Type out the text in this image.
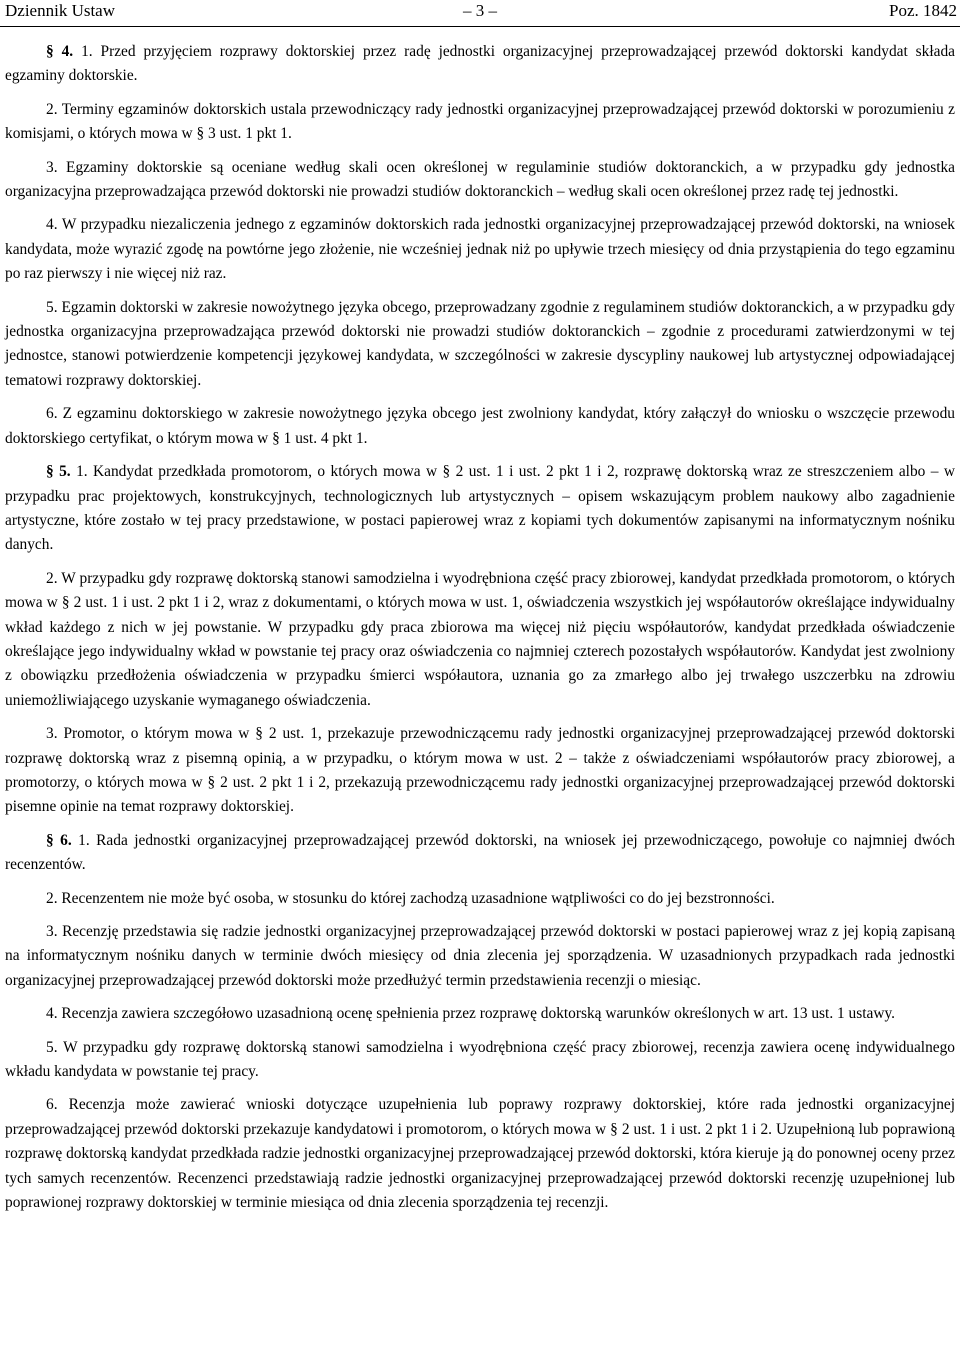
Dziennik Ustaw	– 3 –	Poz. 1842

§ 4. 1. Przed przyjęciem rozprawy doktorskiej przez radę jednostki organizacyjnej przeprowadzającej przewód doktorski kandydat składa egzaminy doktorskie.

2. Terminy egzaminów doktorskich ustala przewodniczący rady jednostki organizacyjnej przeprowadzającej przewód doktorski w porozumieniu z komisjami, o których mowa w § 3 ust. 1 pkt 1.

3. Egzaminy doktorskie są oceniane według skali ocen określonej w regulaminie studiów doktoranckich, a w przypadku gdy jednostka organizacyjna przeprowadzająca przewód doktorski nie prowadzi studiów doktoranckich – według skali ocen określonej przez radę tej jednostki.

4. W przypadku niezaliczenia jednego z egzaminów doktorskich rada jednostki organizacyjnej przeprowadzającej przewód doktorski, na wniosek kandydata, może wyrazić zgodę na powtórne jego złożenie, nie wcześniej jednak niż po upływie trzech miesięcy od dnia przystąpienia do tego egzaminu po raz pierwszy i nie więcej niż raz.

5. Egzamin doktorski w zakresie nowożytnego języka obcego, przeprowadzany zgodnie z regulaminem studiów doktoranckich, a w przypadku gdy jednostka organizacyjna przeprowadzająca przewód doktorski nie prowadzi studiów doktoranckich – zgodnie z procedurami zatwierdzonymi w tej jednostce, stanowi potwierdzenie kompetencji językowej kandydata, w szczególności w zakresie dyscypliny naukowej lub artystycznej odpowiadającej tematowi rozprawy doktorskiej.

6. Z egzaminu doktorskiego w zakresie nowożytnego języka obcego jest zwolniony kandydat, który załączył do wniosku o wszczęcie przewodu doktorskiego certyfikat, o którym mowa w § 1 ust. 4 pkt 1.

§ 5. 1. Kandydat przedkłada promotorom, o których mowa w § 2 ust. 1 i ust. 2 pkt 1 i 2, rozprawę doktorską wraz ze streszczeniem albo – w przypadku prac projektowych, konstrukcyjnych, technologicznych lub artystycznych – opisem wskazującym problem naukowy albo zagadnienie artystyczne, które zostało w tej pracy przedstawione, w postaci papierowej wraz z kopiami tych dokumentów zapisanymi na informatycznym nośniku danych.

2. W przypadku gdy rozprawę doktorską stanowi samodzielna i wyodrębniona część pracy zbiorowej, kandydat przedkłada promotorom, o których mowa w § 2 ust. 1 i ust. 2 pkt 1 i 2, wraz z dokumentami, o których mowa w ust. 1, oświadczenia wszystkich jej współautorów określające indywidualny wkład każdego z nich w jej powstanie. W przypadku gdy praca zbiorowa ma więcej niż pięciu współautorów, kandydat przedkłada oświadczenie określające jego indywidualny wkład w powstanie tej pracy oraz oświadczenia co najmniej czterech pozostałych współautorów. Kandydat jest zwolniony z obowiązku przedłożenia oświadczenia w przypadku śmierci współautora, uznania go za zmarłego albo jej trwałego uszczerbku na zdrowiu uniemożliwiającego uzyskanie wymaganego oświadczenia.

3. Promotor, o którym mowa w § 2 ust. 1, przekazuje przewodniczącemu rady jednostki organizacyjnej przeprowadzającej przewód doktorski rozprawę doktorską wraz z pisemną opinią, a w przypadku, o którym mowa w ust. 2 – także z oświadczeniami współautorów pracy zbiorowej, a promotorzy, o których mowa w § 2 ust. 2 pkt 1 i 2, przekazują przewodniczącemu rady jednostki organizacyjnej przeprowadzającej przewód doktorski pisemne opinie na temat rozprawy doktorskiej.

§ 6. 1. Rada jednostki organizacyjnej przeprowadzającej przewód doktorski, na wniosek jej przewodniczącego, powołuje co najmniej dwóch recenzentów.

2. Recenzentem nie może być osoba, w stosunku do której zachodzą uzasadnione wątpliwości co do jej bezstronności.

3. Recenzję przedstawia się radzie jednostki organizacyjnej przeprowadzającej przewód doktorski w postaci papierowej wraz z jej kopią zapisaną na informatycznym nośniku danych w terminie dwóch miesięcy od dnia zlecenia jej sporządzenia. W uzasadnionych przypadkach rada jednostki organizacyjnej przeprowadzającej przewód doktorski może przedłużyć termin przedstawienia recenzji o miesiąc.

4. Recenzja zawiera szczegółowo uzasadnioną ocenę spełnienia przez rozprawę doktorską warunków określonych w art. 13 ust. 1 ustawy.

5. W przypadku gdy rozprawę doktorską stanowi samodzielna i wyodrębniona część pracy zbiorowej, recenzja zawiera ocenę indywidualnego wkładu kandydata w powstanie tej pracy.

6. Recenzja może zawierać wnioski dotyczące uzupełnienia lub poprawy rozprawy doktorskiej, które rada jednostki organizacyjnej przeprowadzającej przewód doktorski przekazuje kandydatowi i promotorom, o których mowa w § 2 ust. 1 i ust. 2 pkt 1 i 2. Uzupełnioną lub poprawioną rozprawę doktorską kandydat przedkłada radzie jednostki organizacyjnej przeprowadzającej przewód doktorski, która kieruje ją do ponownej oceny przez tych samych recenzentów. Recenzenci przedstawiają radzie jednostki organizacyjnej przeprowadzającej przewód doktorski recenzję uzupełnionej lub poprawionej rozprawy doktorskiej w terminie miesiąca od dnia zlecenia sporządzenia tej recenzji.
